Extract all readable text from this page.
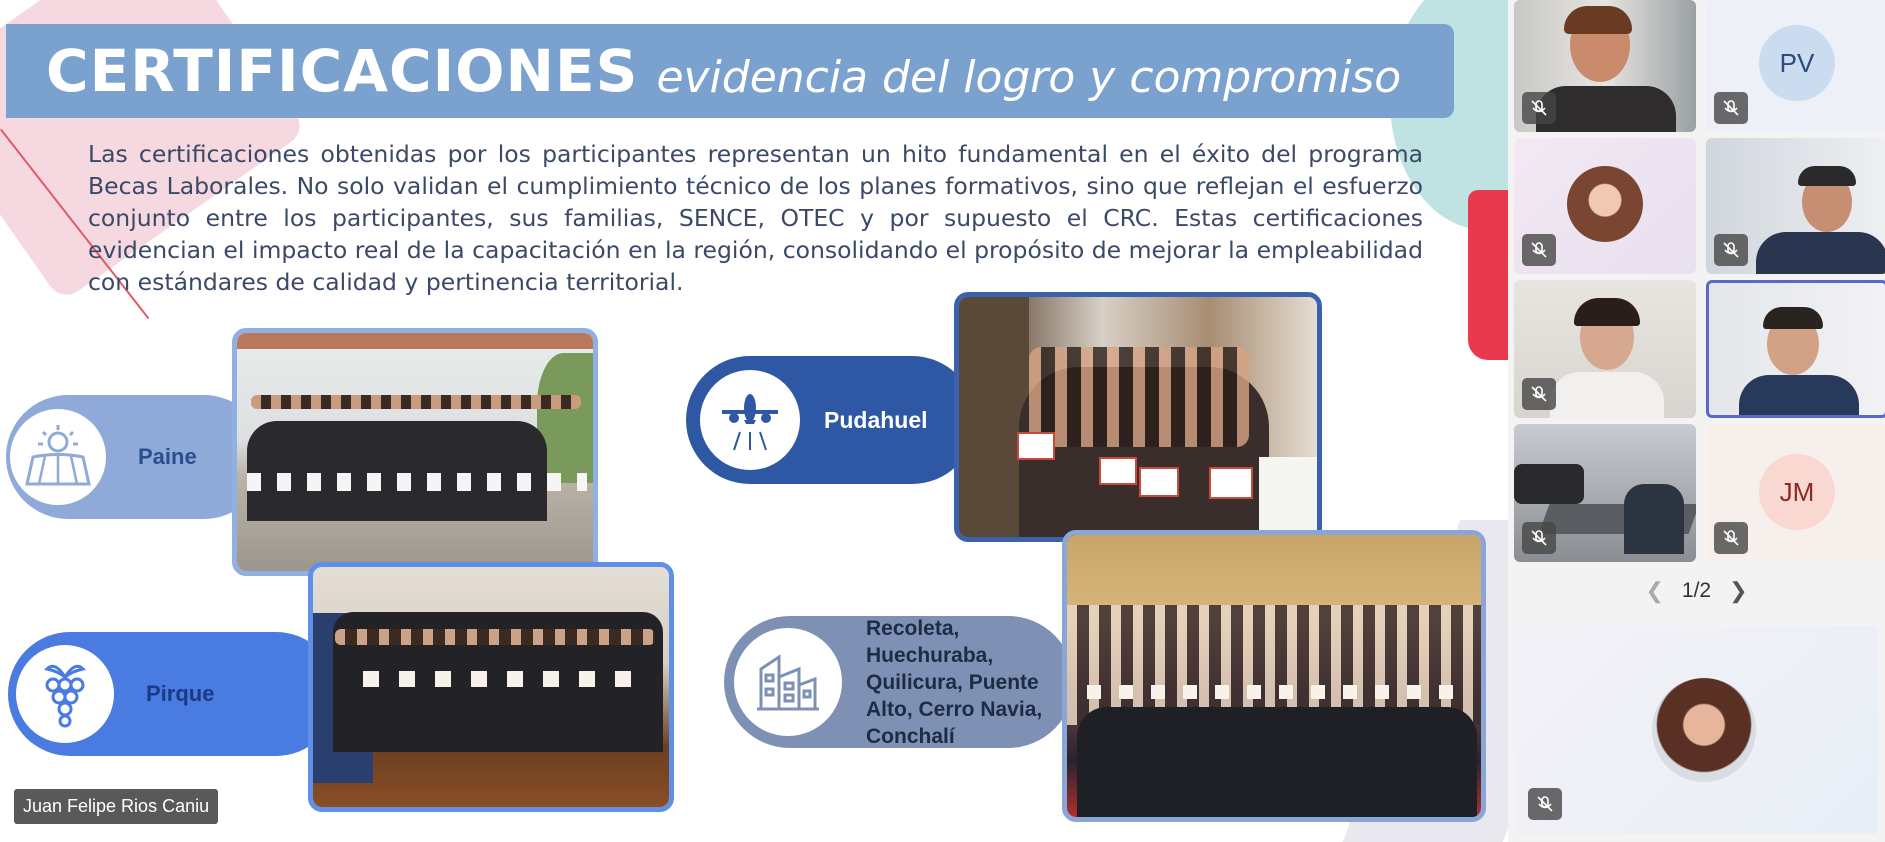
CERTIFICACIONES evidencia del logro y compromiso
Las certificaciones obtenidas por los participantes representan un hito fundamental en el éxito del programa Becas Laborales. No solo validan el cumplimiento técnico de los planes formativos, sino que reflejan el esfuerzo conjunto entre los participantes, sus familias, SENCE, OTEC y por supuesto el CRC. Estas certificaciones evidencian el impacto real de la capacitación en la región, consolidando el propósito de mejorar la empleabilidad con estándares de calidad y pertinencia territorial.
Paine
Pirque
Pudahuel
Recoleta, Huechuraba, Quilicura, Puente Alto, Cerro Navia, Conchalí
Juan Felipe Rios Caniu
PV
JM
❮ 1/2 ❯
